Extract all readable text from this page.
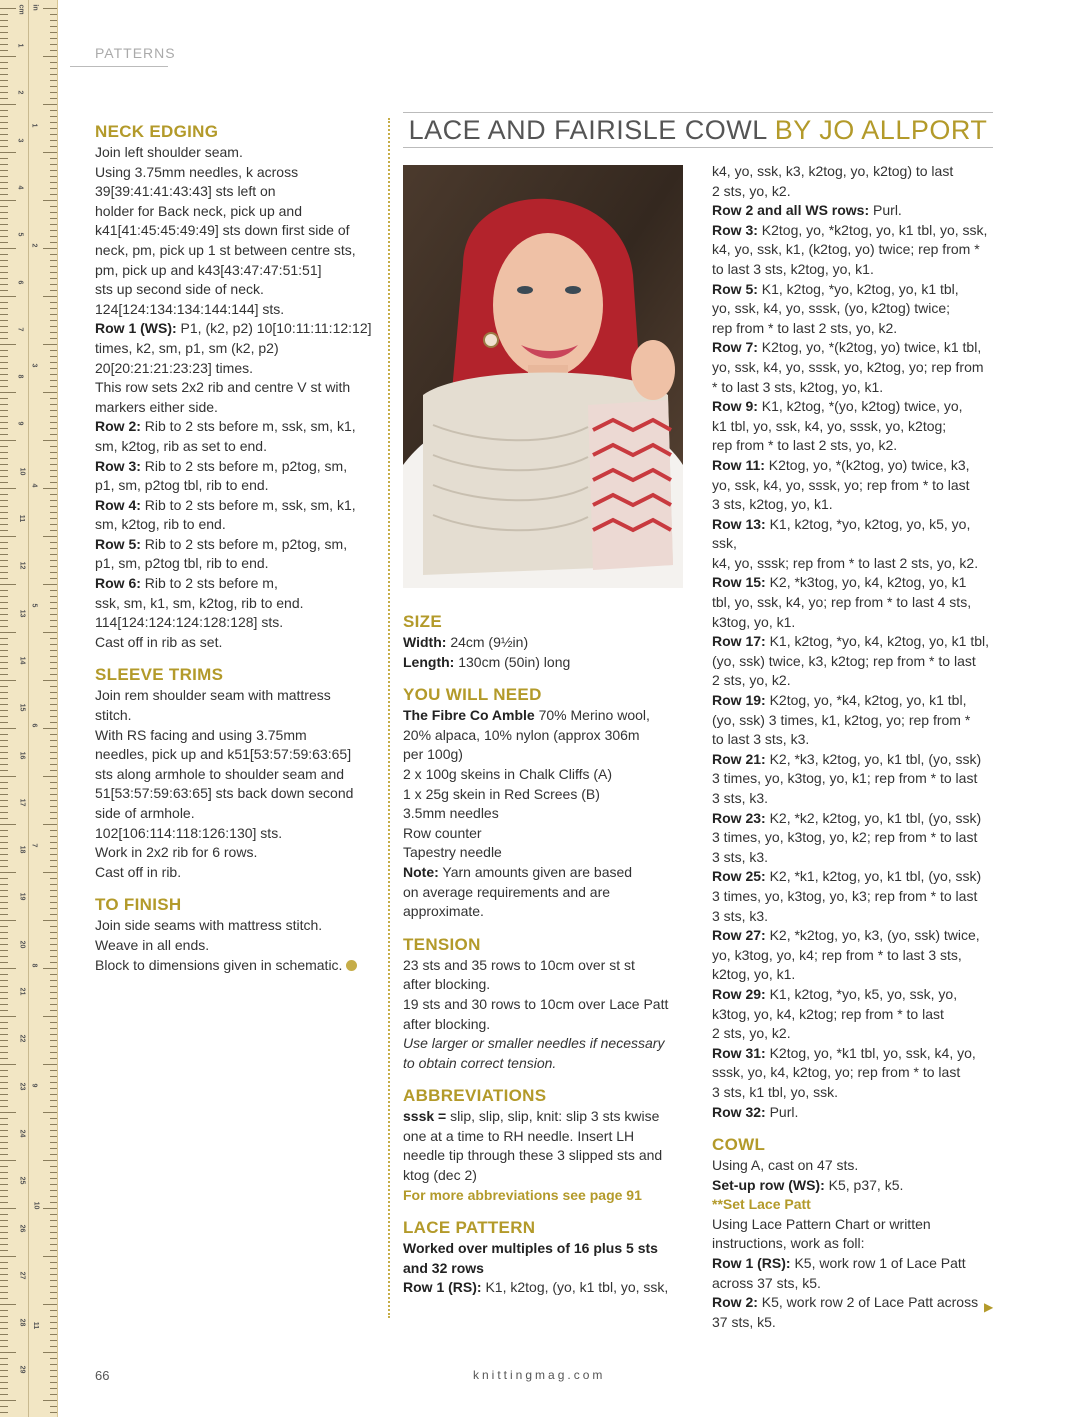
1
2
3
4
5
6
7
8
9
10
11
12
13
14
15
16
17
18
19
20
21
22
23
24
25
26
27
28
29
1
2
3
4
5
6
7
8
9
10
11
cm in
PATTERNS
LACE AND FAIRISLE COWL BY JO ALLPORT
NECK EDGING

Join left shoulder seam.

Using 3.75mm needles, k across

39[39:41:41:43:43] sts left on

holder for Back neck, pick up and

k41[41:45:45:49:49] sts down first side of

neck, pm, pick up 1 st between centre sts,

pm, pick up and k43[43:47:47:51:51]

sts up second side of neck.

124[124:134:134:144:144] sts.

Row 1 (WS): P1, (k2, p2) 10[10:11:11:12:12]

times, k2, sm, p1, sm (k2, p2)

20[20:21:21:23:23] times.

This row sets 2x2 rib and centre V st with

markers either side.

Row 2: Rib to 2 sts before m, ssk, sm, k1,

sm, k2tog, rib as set to end.

Row 3: Rib to 2 sts before m, p2tog, sm,

p1, sm, p2tog tbl, rib to end.

Row 4: Rib to 2 sts before m, ssk, sm, k1,

sm, k2tog, rib to end.

Row 5: Rib to 2 sts before m, p2tog, sm,

p1, sm, p2tog tbl, rib to end.

Row 6: Rib to 2 sts before m,

ssk, sm, k1, sm, k2tog, rib to end.

114[124:124:124:128:128] sts.

Cast off in rib as set.

SLEEVE TRIMS

Join rem shoulder seam with mattress

stitch.

With RS facing and using 3.75mm

needles, pick up and k51[53:57:59:63:65]

sts along armhole to shoulder seam and

51[53:57:59:63:65] sts back down second

side of armhole.

102[106:114:118:126:130] sts.

Work in 2x2 rib for 6 rows.

Cast off in rib.

TO FINISH

Join side seams with mattress stitch.

Weave in all ends.

Block to dimensions given in schematic.

SIZE

Width: 24cm (9½in)

Length: 130cm (50in) long

YOU WILL NEED

The Fibre Co Amble 70% Merino wool,

20% alpaca, 10% nylon (approx 306m

per 100g)

2 x 100g skeins in Chalk Cliffs (A)

1 x 25g skein in Red Screes (B)

3.5mm needles

Row counter

Tapestry needle

Note: Yarn amounts given are based

on average requirements and are

approximate.

TENSION

23 sts and 35 rows to 10cm over st st

after blocking.

19 sts and 30 rows to 10cm over Lace Patt

after blocking.

Use larger or smaller needles if necessary

to obtain correct tension.

ABBREVIATIONS

sssk = slip, slip, slip, knit: slip 3 sts kwise

one at a time to RH needle. Insert LH

needle tip through these 3 slipped sts and

ktog (dec 2)

For more abbreviations see page 91

LACE PATTERN

Worked over multiples of 16 plus 5 sts

and 32 rows

Row 1 (RS): K1, k2tog, (yo, k1 tbl, yo, ssk,

k4, yo, ssk, k3, k2tog, yo, k2tog) to last

2 sts, yo, k2.

Row 2 and all WS rows: Purl.

Row 3: K2tog, yo, *k2tog, yo, k1 tbl, yo, ssk,

k4, yo, ssk, k1, (k2tog, yo) twice; rep from *

to last 3 sts, k2tog, yo, k1.

Row 5: K1, k2tog, *yo, k2tog, yo, k1 tbl,

yo, ssk, k4, yo, sssk, (yo, k2tog) twice;

rep from * to last 2 sts, yo, k2.

Row 7: K2tog, yo, *(k2tog, yo) twice, k1 tbl,

yo, ssk, k4, yo, sssk, yo, k2tog, yo; rep from

* to last 3 sts, k2tog, yo, k1.

Row 9: K1, k2tog, *(yo, k2tog) twice, yo,

k1 tbl, yo, ssk, k4, yo, sssk, yo, k2tog;

rep from * to last 2 sts, yo, k2.

Row 11: K2tog, yo, *(k2tog, yo) twice, k3,

yo, ssk, k4, yo, sssk, yo; rep from * to last

3 sts, k2tog, yo, k1.

Row 13: K1, k2tog, *yo, k2tog, yo, k5, yo, ssk,

k4, yo, sssk; rep from * to last 2 sts, yo, k2.

Row 15: K2, *k3tog, yo, k4, k2tog, yo, k1

tbl, yo, ssk, k4, yo; rep from * to last 4 sts,

k3tog, yo, k1.

Row 17: K1, k2tog, *yo, k4, k2tog, yo, k1 tbl,

(yo, ssk) twice, k3, k2tog; rep from * to last

2 sts, yo, k2.

Row 19: K2tog, yo, *k4, k2tog, yo, k1 tbl,

(yo, ssk) 3 times, k1, k2tog, yo; rep from *

to last 3 sts, k3.

Row 21: K2, *k3, k2tog, yo, k1 tbl, (yo, ssk)

3 times, yo, k3tog, yo, k1; rep from * to last

3 sts, k3.

Row 23: K2, *k2, k2tog, yo, k1 tbl, (yo, ssk)

3 times, yo, k3tog, yo, k2; rep from * to last

3 sts, k3.

Row 25: K2, *k1, k2tog, yo, k1 tbl, (yo, ssk)

3 times, yo, k3tog, yo, k3; rep from * to last

3 sts, k3.

Row 27: K2, *k2tog, yo, k3, (yo, ssk) twice,

yo, k3tog, yo, k4; rep from * to last 3 sts,

k2tog, yo, k1.

Row 29: K1, k2tog, *yo, k5, yo, ssk, yo,

k3tog, yo, k4, k2tog; rep from * to last

2 sts, yo, k2.

Row 31: K2tog, yo, *k1 tbl, yo, ssk, k4, yo,

sssk, yo, k4, k2tog, yo; rep from * to last

3 sts, k1 tbl, yo, ssk.

Row 32: Purl.

COWL

Using A, cast on 47 sts.

Set-up row (WS): K5, p37, k5.

**Set Lace Patt

Using Lace Pattern Chart or written

instructions, work as foll:

Row 1 (RS): K5, work row 1 of Lace Patt

across 37 sts, k5.

Row 2: K5, work row 2 of Lace Patt across

37 sts, k5.

▶
66	knittingmag.com
